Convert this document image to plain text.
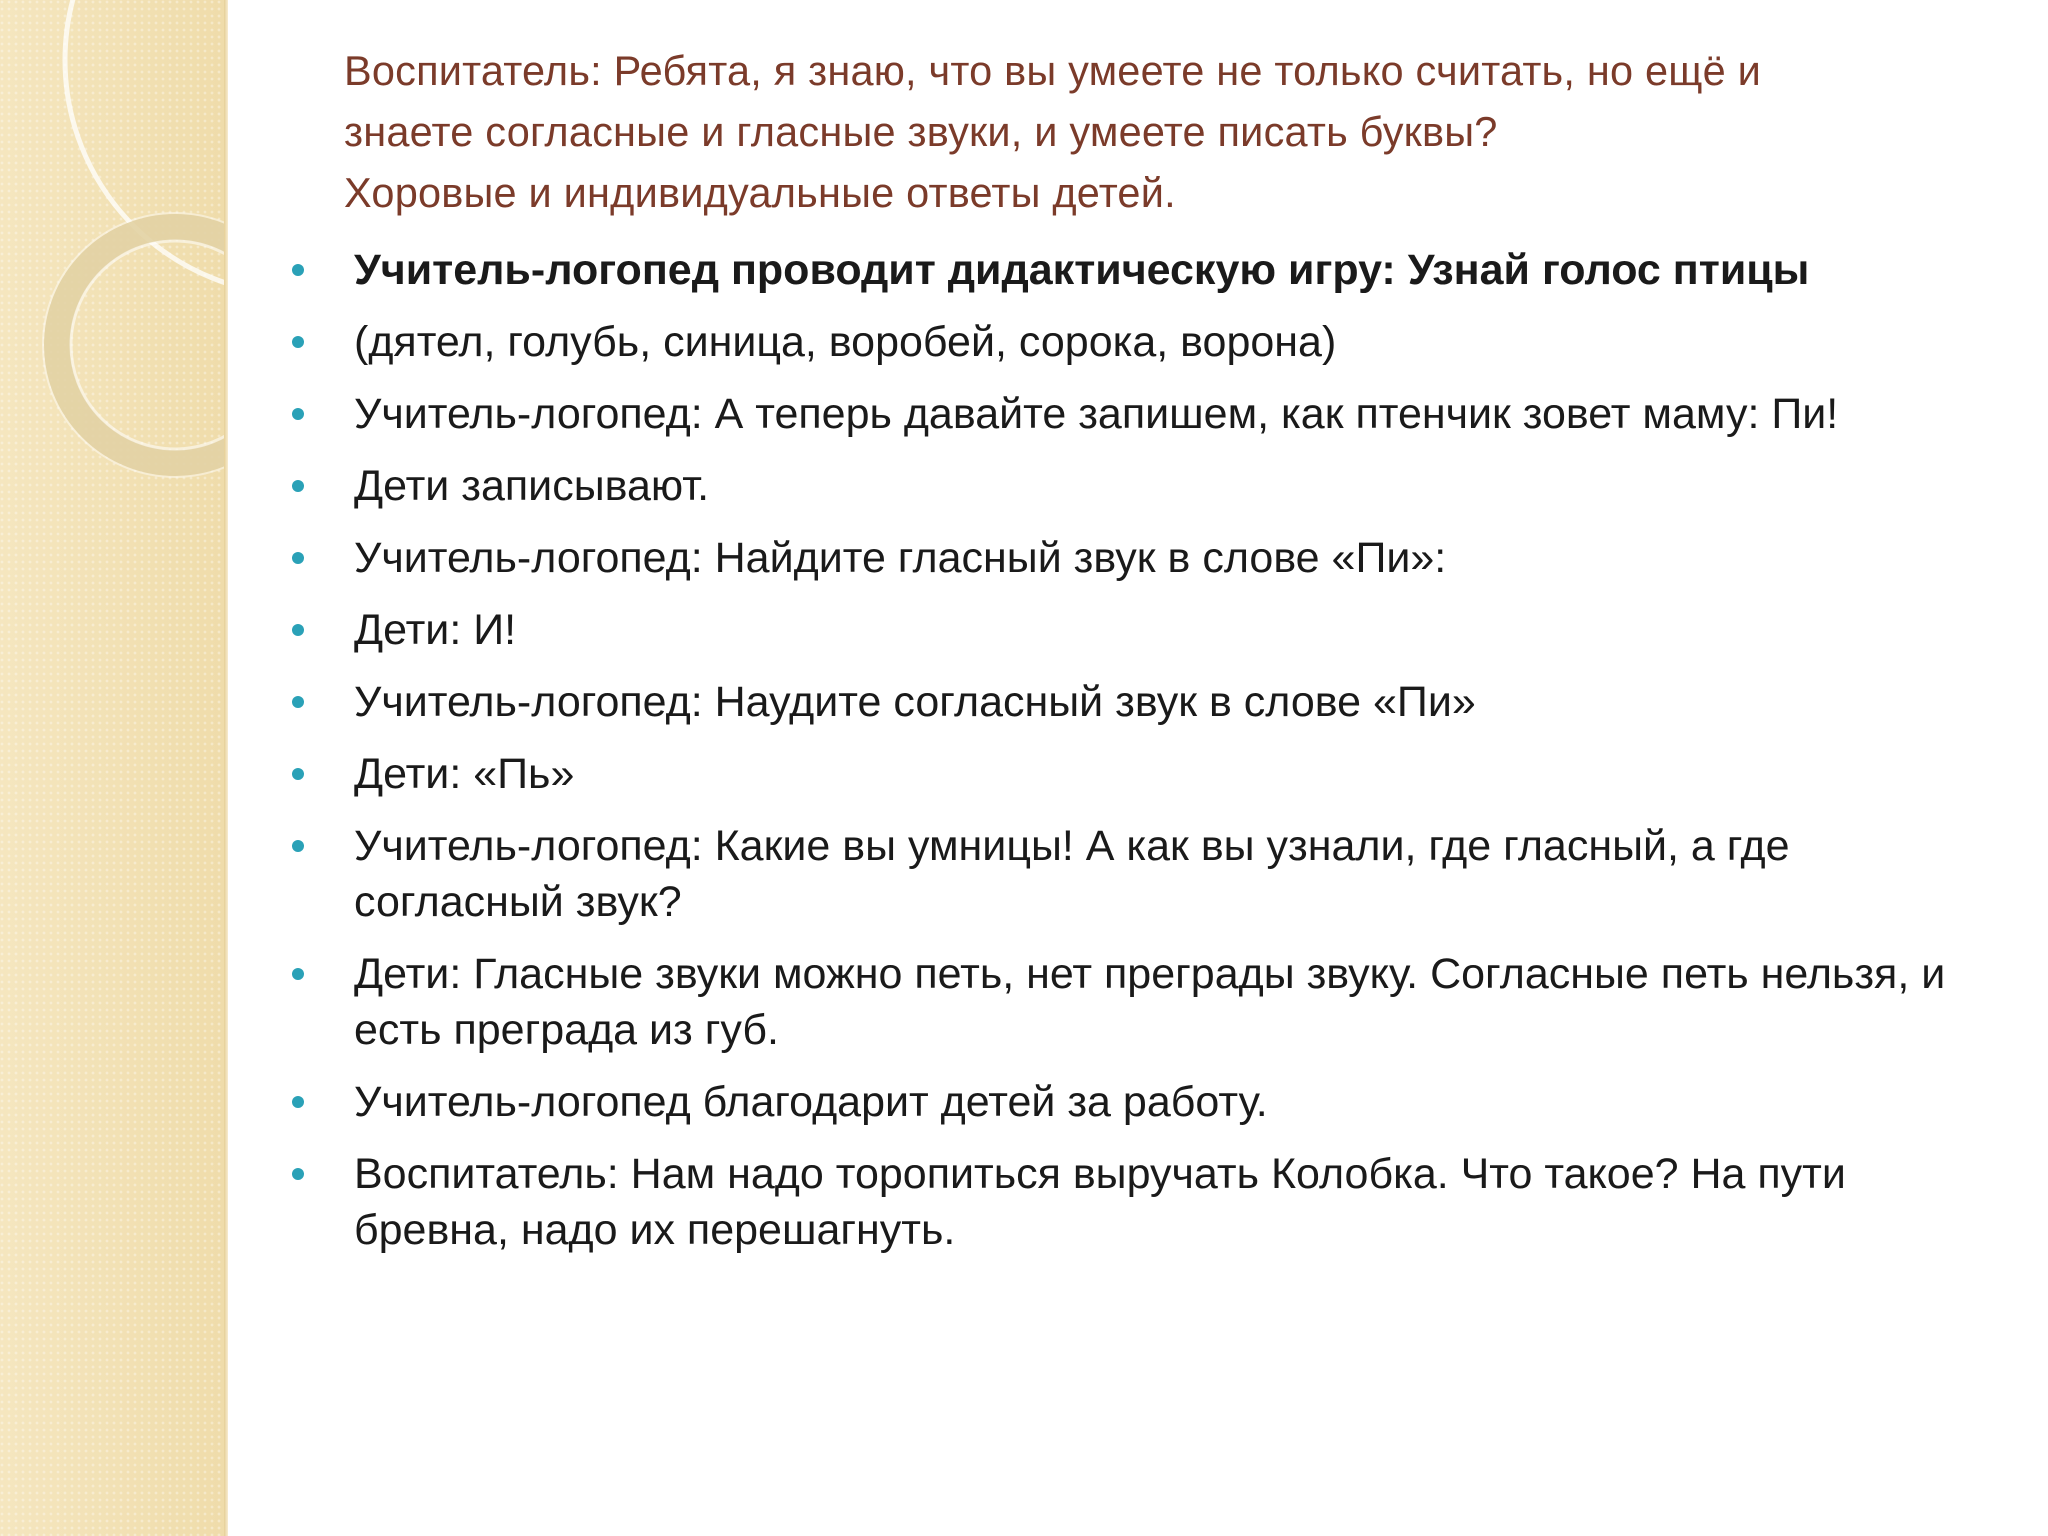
Воспитатель: Ребята, я знаю, что вы умеете не только считать, но ещё и
знаете согласные и гласные звуки, и умеете писать буквы?
Хоровые и индивидуальные ответы детей.
Учитель-логопед проводит дидактическую игру: Узнай голос птицы
(дятел, голубь, синица, воробей, сорока, ворона)
Учитель-логопед: А теперь давайте запишем, как птенчик зовет маму: Пи!
Дети записывают.
Учитель-логопед: Найдите гласный звук в слове «Пи»:
Дети: И!
Учитель-логопед: Наудите согласный звук в слове «Пи»
Дети: «Пь»
Учитель-логопед: Какие вы умницы! А как вы узнали, где гласный, а где согласный звук?
Дети: Гласные звуки можно петь, нет преграды звуку. Согласные петь нельзя, и есть преграда из губ.
Учитель-логопед благодарит детей за работу.
Воспитатель: Нам надо торопиться выручать Колобка. Что такое? На пути бревна, надо их перешагнуть.
